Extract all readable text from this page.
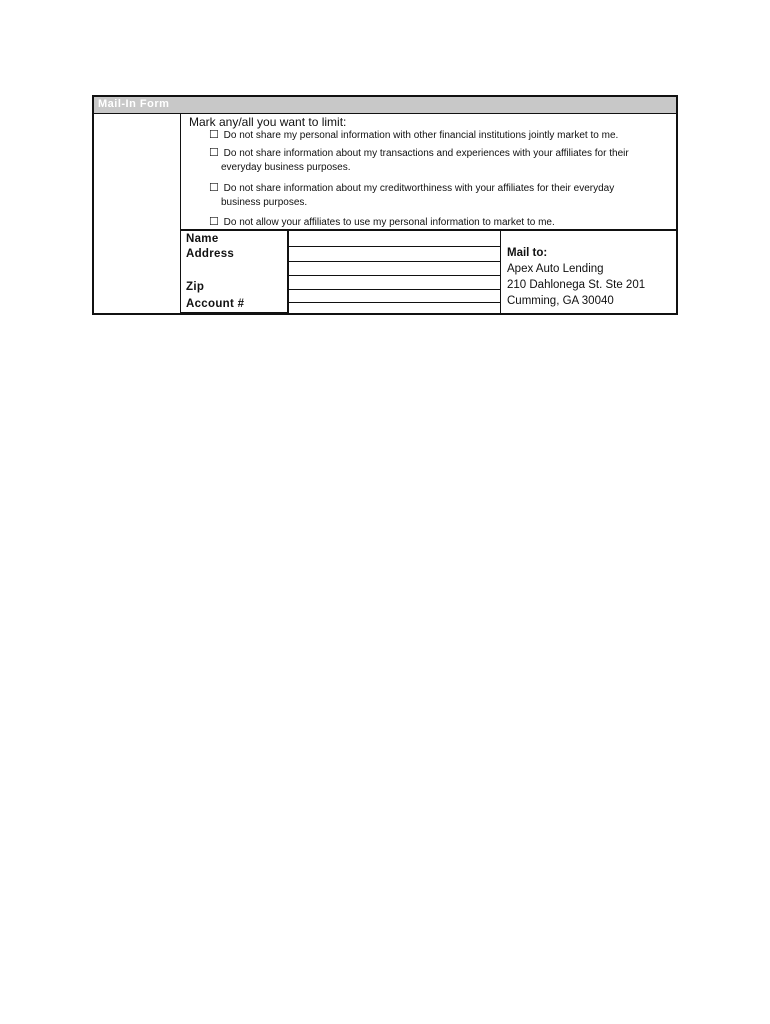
Mail-In Form
Mark any/all you want to limit:
☐ Do not share my personal information with other financial institutions jointly market to me.
☐ Do not share information about my transactions and experiences with your affiliates for their
everyday business purposes.
☐ Do not share information about my creditworthiness with your affiliates for their everyday
business purposes.
☐ Do not allow your affiliates to use my personal information to market to me.
Name
Address
Zip
Account #
Mail to:
Apex Auto Lending
210 Dahlonega St. Ste 201
Cumming, GA 30040
